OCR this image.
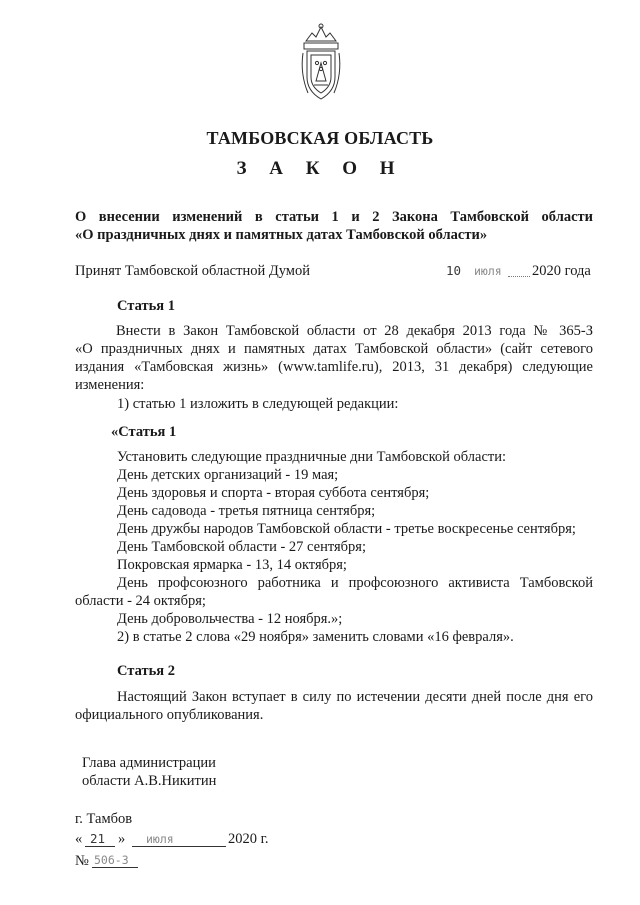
ТАМБОВСКАЯ ОБЛАСТЬ
З А К О Н
О внесении изменений в статьи 1 и 2 Закона Тамбовской области
«О праздничных днях и памятных датах Тамбовской области»
Принят Тамбовской областной Думой	10 июля 2020 года
Статья 1
Внести в Закон Тамбовской области от 28 декабря 2013 года № 365-З
«О праздничных днях и памятных датах Тамбовской области» (сайт сетевого
издания «Тамбовская жизнь» (www.tamlife.ru), 2013, 31 декабря) следующие
изменения:
1) статью 1 изложить в следующей редакции:
«Статья 1
Установить следующие праздничные дни Тамбовской области:
День детских организаций - 19 мая;
День здоровья и спорта - вторая суббота сентября;
День садовода - третья пятница сентября;
День дружбы народов Тамбовской области - третье воскресенье сентября;
День Тамбовской области - 27 сентября;
Покровская ярмарка - 13, 14 октября;
День профсоюзного работника и профсоюзного активиста Тамбовской
области - 24 октября;
День добровольчества - 12 ноября.»;
2) в статье 2 слова «29 ноября» заменить словами «16 февраля».
Статья 2
Настоящий Закон вступает в силу по истечении десяти дней после дня его
официального опубликования.
Глава администрации
области А.В.Никитин
г. Тамбов
« 21 » июля	2020 г.
№ 506-З
